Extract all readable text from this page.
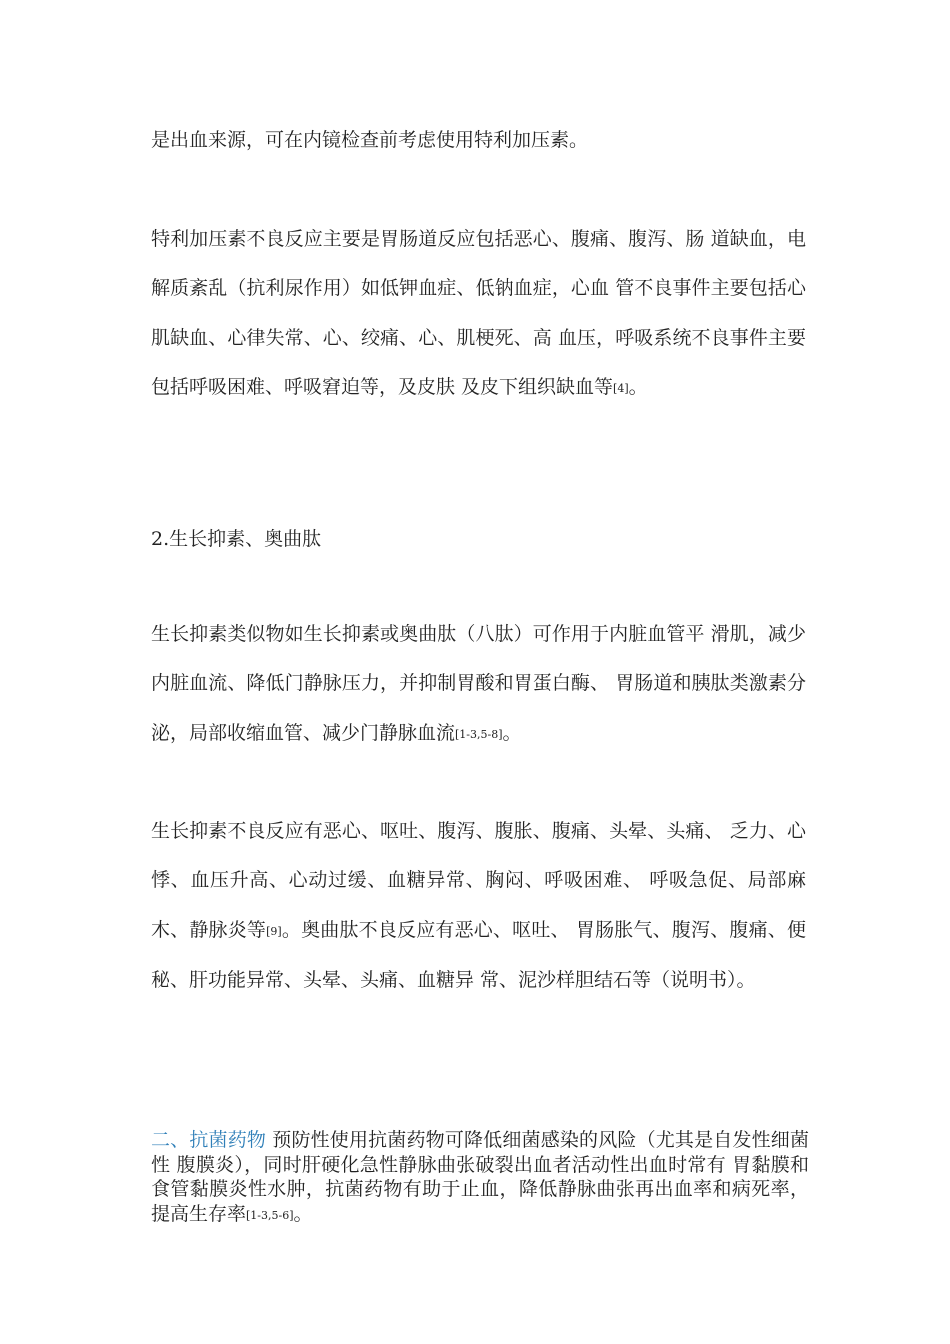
是出血来源，可在内镜检查前考虑使用特利加压素。

特利加压素不良反应主要是胃肠道反应包括恶心、腹痛、腹泻、肠 道缺血，电解质紊乱（抗利尿作用）如低钾血症、低钠血症，心血 管不良事件主要包括心肌缺血、心律失常、心、绞痛、心、肌梗死、高 血压，呼吸系统不良事件主要包括呼吸困难、呼吸窘迫等，及皮肤 及皮下组织缺血等[4]。

2.生长抑素、奥曲肽

生长抑素类似物如生长抑素或奥曲肽（八肽）可作用于内脏血管平 滑肌，减少内脏血流、降低门静脉压力，并抑制胃酸和胃蛋白酶、 胃肠道和胰肽类激素分泌，局部收缩血管、减少门静脉血流[1-3,5-8]。

生长抑素不良反应有恶心、呕吐、腹泻、腹胀、腹痛、头晕、头痛、 乏力、心悸、血压升高、心动过缓、血糖异常、胸闷、呼吸困难、 呼吸急促、局部麻木、静脉炎等[9]。奥曲肽不良反应有恶心、呕吐、 胃肠胀气、腹泻、腹痛、便秘、肝功能异常、头晕、头痛、血糖异 常、泥沙样胆结石等（说明书）。

二、抗菌药物 预防性使用抗菌药物可降低细菌感染的风险（尤其是自发性细菌性 腹膜炎），同时肝硬化急性静脉曲张破裂出血者活动性出血时常有 胃黏膜和食管黏膜炎性水肿，抗菌药物有助于止血，降低静脉曲张再出血率和病死率，提高生存率[1-3,5-6]。
